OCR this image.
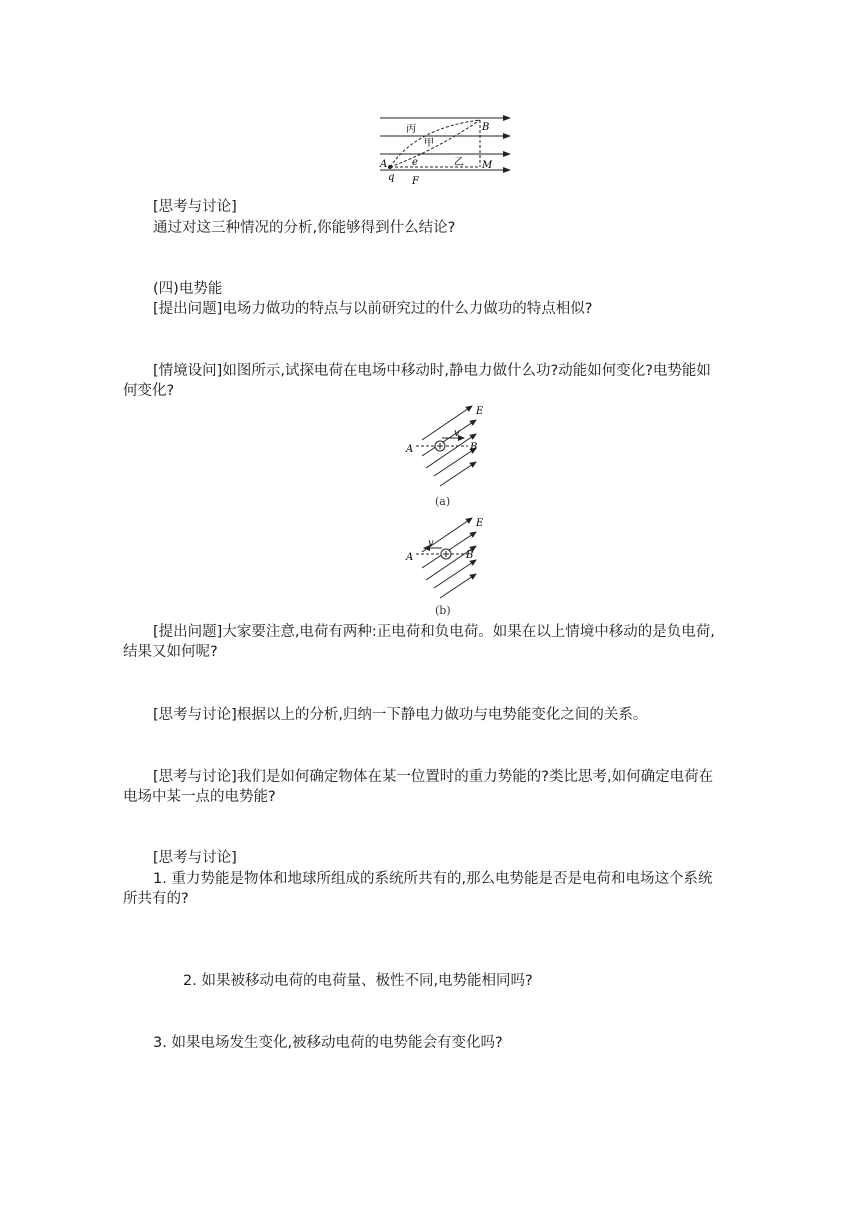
丙
甲
乙
B
A e	M
q F

[思考与讨论]

通过对这三种情况的分析,你能够得到什么结论?

(四)电势能

[提出问题]电场力做功的特点与以前研究过的什么力做功的特点相似?

[情境设问]如图所示,试探电荷在电场中移动时,静电力做什么功?动能如何变化?电势能如

何变化?

E
v
A	B
(a)
E
v
A	B
(b)

[提出问题]大家要注意,电荷有两种:正电荷和负电荷。如果在以上情境中移动的是负电荷,

结果又如何呢?

[思考与讨论]根据以上的分析,归纳一下静电力做功与电势能变化之间的关系。

[思考与讨论]我们是如何确定物体在某一位置时的重力势能的?类比思考,如何确定电荷在

电场中某一点的电势能?

[思考与讨论]

1. 重力势能是物体和地球所组成的系统所共有的,那么电势能是否是电荷和电场这个系统

所共有的?

2. 如果被移动电荷的电荷量、极性不同,电势能相同吗?

3. 如果电场发生变化,被移动电荷的电势能会有变化吗?
